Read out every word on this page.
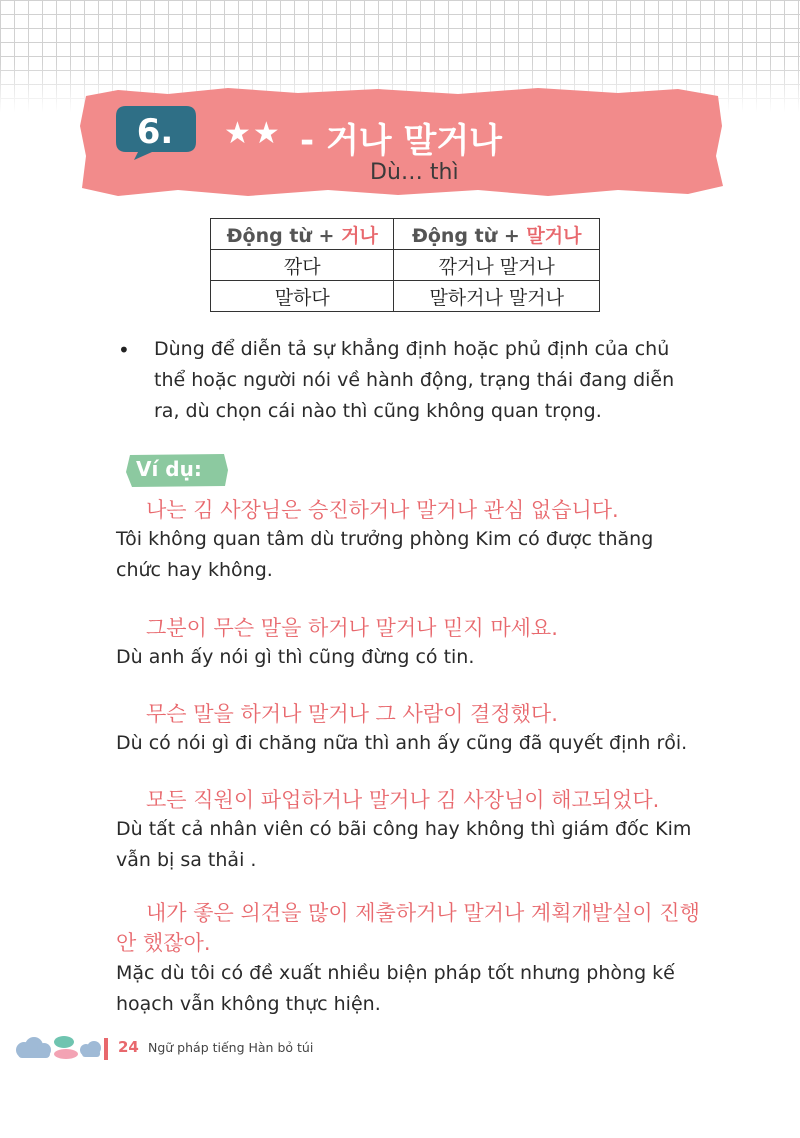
6.	★★ - 거나 말거나
Dù… thì
Động từ + 거나	Động từ + 말거나
깎다	깎거나 말거나
말하다	말하거나 말거나
• Dùng để diễn tả sự khẳng định hoặc phủ định của chủ thể hoặc người nói về hành động, trạng thái đang diễn ra, dù chọn cái nào thì cũng không quan trọng.
Ví dụ:
나는 김 사장님은 승진하거나 말거나 관심 없습니다.
Tôi không quan tâm dù trưởng phòng Kim có được thăng chức hay không.
그분이 무슨 말을 하거나 말거나 믿지 마세요.
Dù anh ấy nói gì thì cũng đừng có tin.
무슨 말을 하거나 말거나 그 사람이 결정했다.
Dù có nói gì đi chăng nữa thì anh ấy cũng đã quyết định rồi.
모든 직원이 파업하거나 말거나 김 사장님이 해고되었다.
Dù tất cả nhân viên có bãi công hay không thì giám đốc Kim vẫn bị sa thải .
내가 좋은 의견을 많이 제출하거나 말거나 계획개발실이 진행 안 했잖아.
Mặc dù tôi có đề xuất nhiều biện pháp tốt nhưng phòng kế hoạch vẫn không thực hiện.
24 Ngữ pháp tiếng Hàn bỏ túi
